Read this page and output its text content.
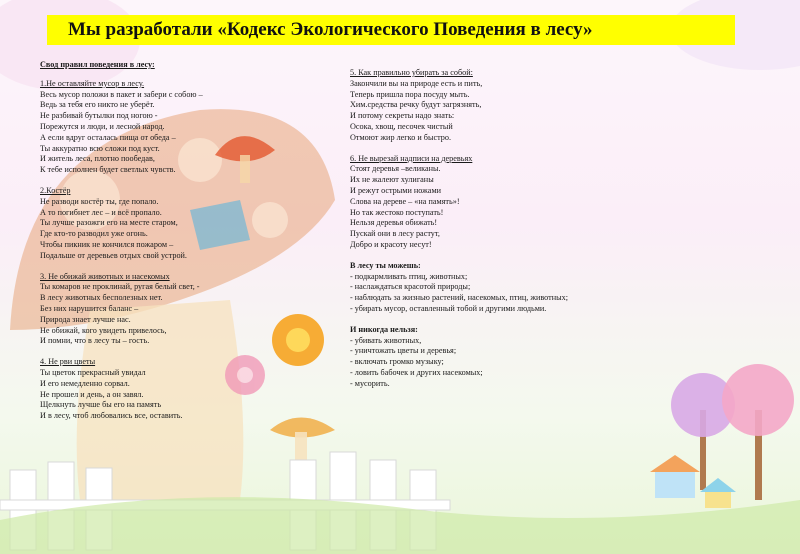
Мы разработали «Кодекс Экологического Поведения в лесу»
Свод правил поведения в лесу:
1.Не оставляйте мусор в лесу.
Весь мусор положи в пакет и забери с собою –
Ведь за тебя его никто не уберёт.
Не разбивай бутылки под ногою -
Порежутся и люди, и лесной народ.
А если вдруг осталась пища от обеда –
Ты аккуратно всю сложи под куст.
И житель леса, плотно пообедав,
К тебе исполнен будет светлых чувств.
2.Костёр
Не разводи костёр ты, где попало.
А то погибнет лес – и всё пропало.
Ты лучше разожги его на месте старом,
Где кто-то разводил уже огонь.
Чтобы пикник не кончился пожаром –
Подальше от деревьев отдых свой устрой.
3. Не обижай животных и насекомых
Ты комаров не проклинай, ругая белый свет, -
В лесу животных бесполезных нет.
Без них нарушится баланс –
Природа знает лучше нас.
Не обижай, кого увидеть привелось,
И помни, что в лесу ты – гость.
4. Не рви цветы
Ты цветок прекрасный увидал
И его немедленно сорвал.
Не прошел и день, а он завял.
Щелкнуть лучше бы его на память
И в лесу, чтоб любовались все, оставить.
5. Как правильно убирать за собой:
Закончили вы на природе есть и пить,
Теперь пришла пора посуду мыть.
Хим.средства речку будут загрязнять,
И потому секреты надо знать:
Осока, хвощ, песочек чистый
Отмоют жир легко и быстро.
6. Не вырезай надписи на деревьях
Стоят деревья –великаны.
Их не жалеют хулиганы
И режут острыми ножами
Слова на дереве – «на память»!
Но так жестоко поступать!
Нельзя деревья обижать!
Пускай они в лесу растут,
Добро и красоту несут!
В лесу ты можешь:
- подкармливать птиц, животных;
- наслаждаться красотой природы;
- наблюдать за жизнью растений, насекомых, птиц, животных;
- убирать мусор, оставленный тобой и другими людьми.
И никогда нельзя:
- убивать животных,
- уничтожать цветы и деревья;
- включать громко музыку;
- ловить бабочек и других насекомых;
- мусорить.
